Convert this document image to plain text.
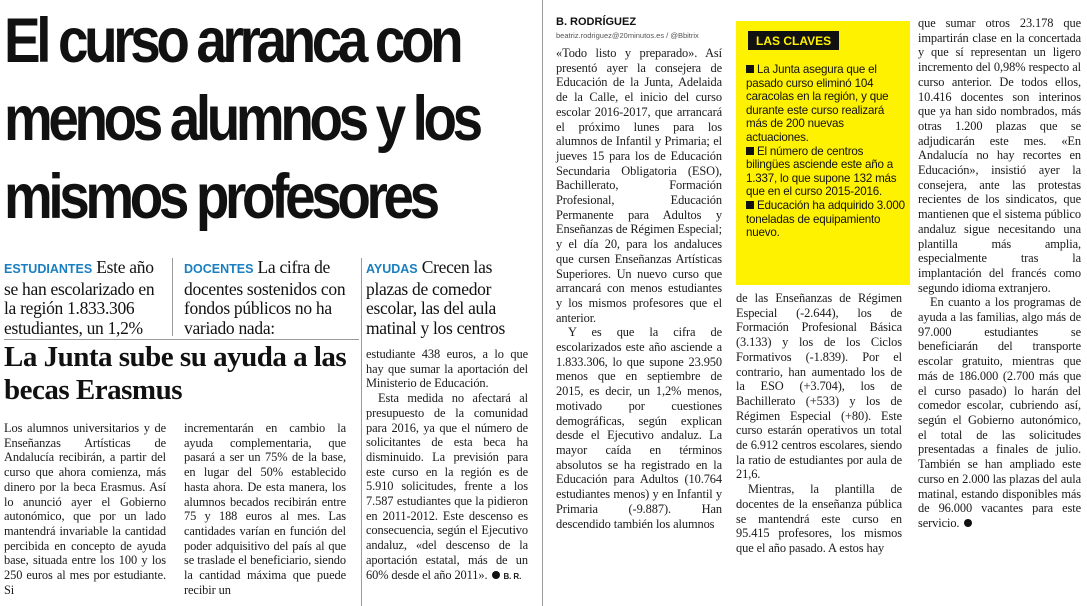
El curso arranca con
menos alumnos y los
mismos profesores
ESTUDIANTES Este año se han escolarizado en la región 1.833.306 estudiantes, un 1,2%
DOCENTES La cifra de docentes sostenidos con fondos públicos no ha variado nada:
AYUDAS Crecen las plazas de comedor escolar, las del aula matinal y los centros
La Junta sube su ayuda a las becas Erasmus

Los alumnos universitarios y de Enseñanzas Artísticas de Andalucía recibirán, a partir del curso que ahora comienza, más dinero por la beca Erasmus. Así lo anunció ayer el Gobierno autonómico, que por un lado mantendrá invariable la cantidad percibida en concepto de ayuda base, situada entre los 100 y los 250 euros al mes por estudiante. Si

incrementarán en cambio la ayuda complementaria, que pasará a ser un 75% de la base, en lugar del 50% establecido hasta ahora. De esta manera, los alumnos becados recibirán entre 75 y 188 euros al mes. Las cantidades varían en función del poder adquisitivo del país al que se traslade el beneficiario, siendo la cantidad máxima que puede recibir un

estudiante 438 euros, a lo que hay que sumar la aportación del Ministerio de Educación.

Esta medida no afectará al presupuesto de la comunidad para 2016, ya que el número de solicitantes de esta beca ha disminuido. La previsión para este curso en la región es de 5.910 solicitudes, frente a los 7.587 estudiantes que la pidieron en 2011-2012. Este descenso es consecuencia, según el Ejecutivo andaluz, «del descenso de la aportación estatal, más de un 60% desde el año 2011». B. R.

B. RODRÍGUEZ
beatriz.rodriguez@20minutos.es / @Bbitrix

«Todo listo y preparado». Así presentó ayer la consejera de Educación de la Junta, Adelaida de la Calle, el inicio del curso escolar 2016-2017, que arrancará el próximo lunes para los alumnos de Infantil y Primaria; el jueves 15 para los de Educación Secundaria Obligatoria (ESO), Bachillerato, Formación Profesional, Educación Permanente para Adultos y Enseñanzas de Régimen Especial; y el día 20, para los andaluces que cursen Enseñanzas Artísticas Superiores. Un nuevo curso que arrancará con menos estudiantes y los mismos profesores que el anterior.

Y es que la cifra de escolarizados este año asciende a 1.833.306, lo que supone 23.950 menos que en septiembre de 2015, es decir, un 1,2% menos, motivado por cuestiones demográficas, según explican desde el Ejecutivo andaluz. La mayor caída en términos absolutos se ha registrado en la Educación para Adultos (10.764 estudiantes menos) y en Infantil y Primaria (-9.887). Han descendido también los alumnos

LAS CLAVES

La Junta asegura que el pasado curso eliminó 104 caracolas en la región, y que durante este curso realizará más de 200 nuevas actuaciones.

El número de centros bilingües asciende este año a 1.337, lo que supone 132 más que en el curso 2015-2016.

Educación ha adquirido 3.000 toneladas de equipamiento nuevo.

de las Enseñanzas de Régimen Especial (-2.644), los de Formación Profesional Básica (3.133) y los de los Ciclos Formativos (-1.839). Por el contrario, han aumentado los de la ESO (+3.704), los de Bachillerato (+533) y los de Régimen Especial (+80). Este curso estarán operativos un total de 6.912 centros escolares, siendo la ratio de estudiantes por aula de 21,6.

Mientras, la plantilla de docentes de la enseñanza pública se mantendrá este curso en 95.415 profesores, los mismos que el año pasado. A estos hay

que sumar otros 23.178 que impartirán clase en la concertada y que sí representan un ligero incremento del 0,98% respecto al curso anterior. De todos ellos, 10.416 docentes son interinos que ya han sido nombrados, más otras 1.200 plazas que se adjudicarán este mes. «En Andalucía no hay recortes en Educación», insistió ayer la consejera, ante las protestas recientes de los sindicatos, que mantienen que el sistema público andaluz sigue necesitando una plantilla más amplia, especialmente tras la implantación del francés como segundo idioma extranjero.

En cuanto a los programas de ayuda a las familias, algo más de 97.000 estudiantes se beneficiarán del transporte escolar gratuito, mientras que más de 186.000 (2.700 más que el curso pasado) lo harán del comedor escolar, cubriendo así, según el Gobierno autonómico, el total de las solicitudes presentadas a finales de julio. También se han ampliado este curso en 2.000 las plazas del aula matinal, estando disponibles más de 96.000 vacantes para este servicio.
